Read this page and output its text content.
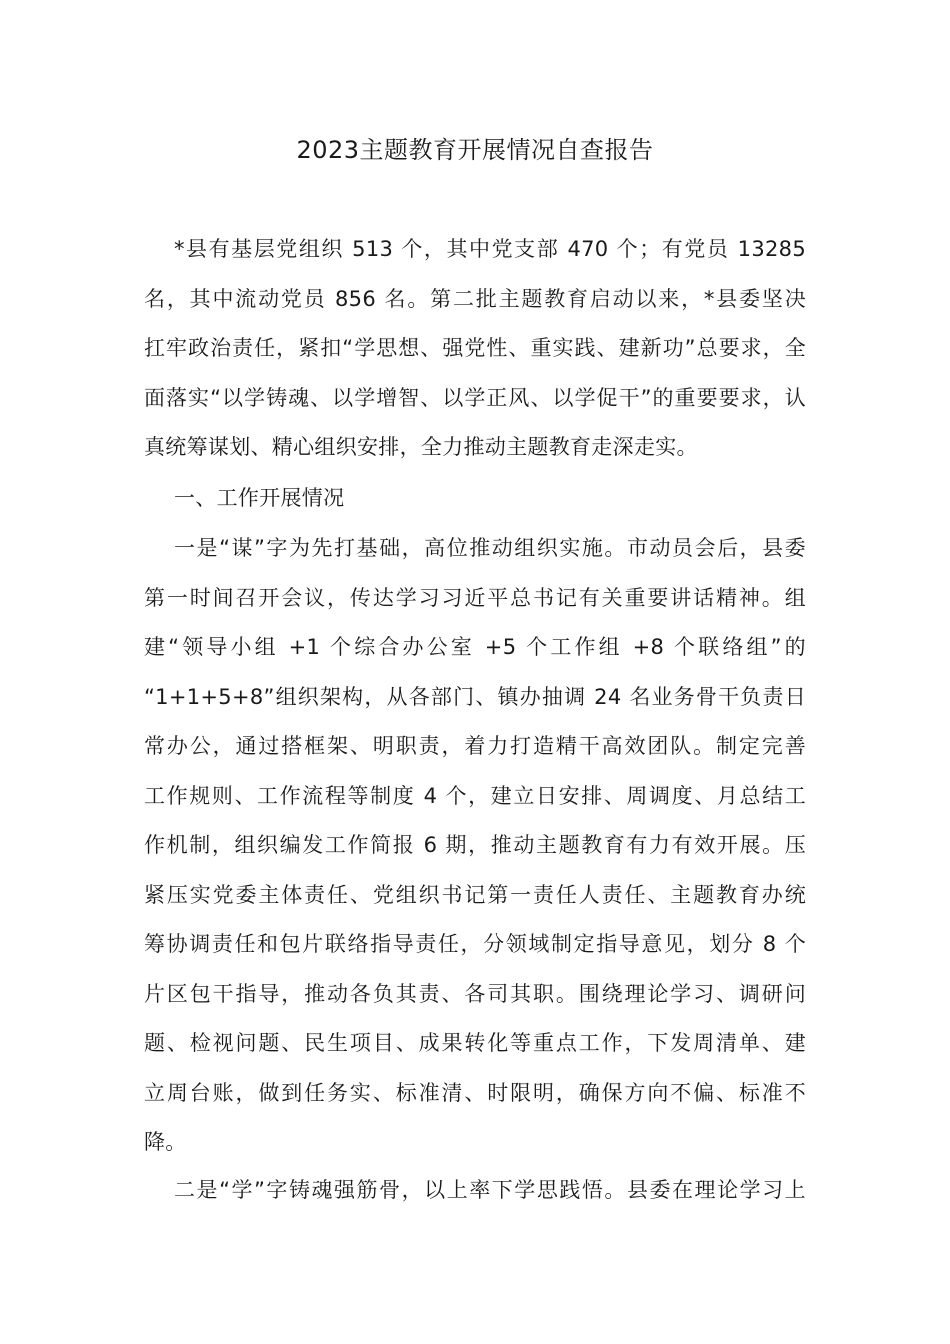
2023主题教育开展情况自查报告
*县有基层党组织 513 个，其中党支部 470 个；有党员 13285
名，其中流动党员 856 名。第二批主题教育启动以来，*县委坚决
扛牢政治责任，紧扣“学思想、强党性、重实践、建新功”总要求，全
面落实“以学铸魂、以学增智、以学正风、以学促干”的重要要求，认
真统筹谋划、精心组织安排，全力推动主题教育走深走实。
一、工作开展情况
一是“谋”字为先打基础，高位推动组织实施。市动员会后，县委
第一时间召开会议，传达学习习近平总书记有关重要讲话精神。组
建“领导小组 +1 个综合办公室 +5 个工作组 +8 个联络组”的
“1+1+5+8”组织架构，从各部门、镇办抽调 24 名业务骨干负责日
常办公，通过搭框架、明职责，着力打造精干高效团队。制定完善
工作规则、工作流程等制度 4 个，建立日安排、周调度、月总结工
作机制，组织编发工作简报 6 期，推动主题教育有力有效开展。压
紧压实党委主体责任、党组织书记第一责任人责任、主题教育办统
筹协调责任和包片联络指导责任，分领域制定指导意见，划分 8 个
片区包干指导，推动各负其责、各司其职。围绕理论学习、调研问
题、检视问题、民生项目、成果转化等重点工作，下发周清单、建
立周台账，做到任务实、标准清、时限明，确保方向不偏、标准不
降。
二是“学”字铸魂强筋骨，以上率下学思践悟。县委在理论学习上
